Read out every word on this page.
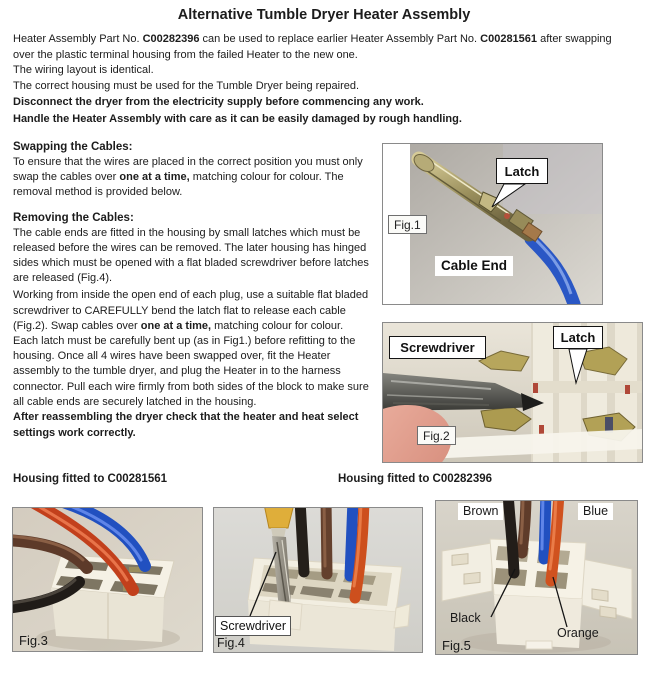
Alternative Tumble Dryer Heater Assembly

Heater Assembly Part No. C00282396 can be used to replace earlier Heater Assembly Part No. C00281561 after swapping over the plastic terminal housing from the failed Heater to the new one.

The wiring layout is identical.

The correct housing must be used for the Tumble Dryer being repaired.

Disconnect the dryer from the electricity supply before commencing any work.

Handle the Heater Assembly with care as it can be easily damaged by rough handling.

Swapping the Cables:

To ensure that the wires are placed in the correct position you must only swap the cables over one at a time, matching colour for colour. The removal method is provided below.

Removing the Cables:

The cable ends are fitted in the housing by small latches which must be released before the wires can be removed. The later housing has hinged sides which must be opened with a flat bladed screwdriver before latches are released (Fig.4).

Working from inside the open end of each plug, use a suitable flat bladed screwdriver to CAREFULLY bend the latch flat to release each cable (Fig.2). Swap cables over one at a time, matching colour for colour. Each latch must be carefully bent up (as in Fig1.) before refitting to the housing. Once all 4 wires have been swapped over, fit the Heater assembly to the tumble dryer, and plug the Heater in to the harness connector. Pull each wire firmly from both sides of the block to make sure all cable ends are securely latched in the housing.

After reassembling the dryer check that the heater and heat select settings work correctly.

Latch
Fig.1
Cable End
Screwdriver
Latch
Fig.2
Housing fitted to C00281561	Housing fitted to C00282396
Fig.3
Screwdriver
Fig.4
Brown	Blue
Black
Orange
Fig.5
